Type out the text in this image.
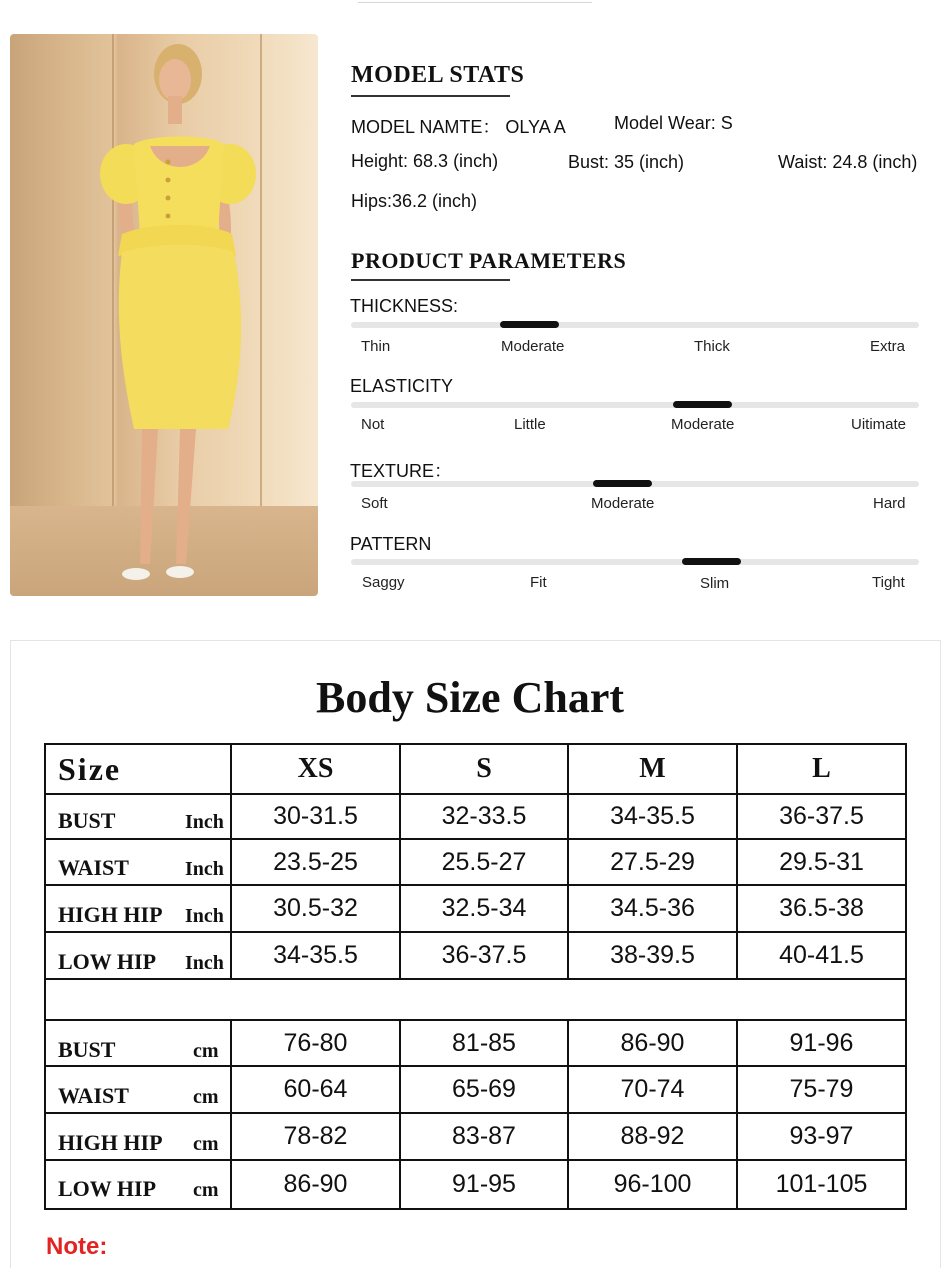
MODEL STATS
MODEL NAMTE： OLYA A	Model Wear: S
Height: 68.3 (inch)	Bust: 35 (inch)	Waist: 24.8 (inch)
Hips:36.2 (inch)
PRODUCT PARAMETERS
THICKNESS:
Thin	Moderate	Thick	Extra
ELASTICITY
Not	Little	Moderate	Uitimate
TEXTURE：
Soft	Moderate	Hard
PATTERN
Saggy	Fit	Slim	Tight
Body Size Chart
Size	XS	S	M	L
BUST	Inch	30-31.5	32-33.5	34-35.5	36-37.5
WAIST	Inch	23.5-25	25.5-27	27.5-29	29.5-31
HIGH HIP Inch	30.5-32	32.5-34	34.5-36	36.5-38
LOW HIP Inch	34-35.5	36-37.5	38-39.5	40-41.5
BUST	cm	76-80	81-85	86-90	91-96
WAIST	cm	60-64	65-69	70-74	75-79
HIGH HIP cm	78-82	83-87	88-92	93-97
LOW HIP cm	86-90	91-95	96-100	101-105
Note:
